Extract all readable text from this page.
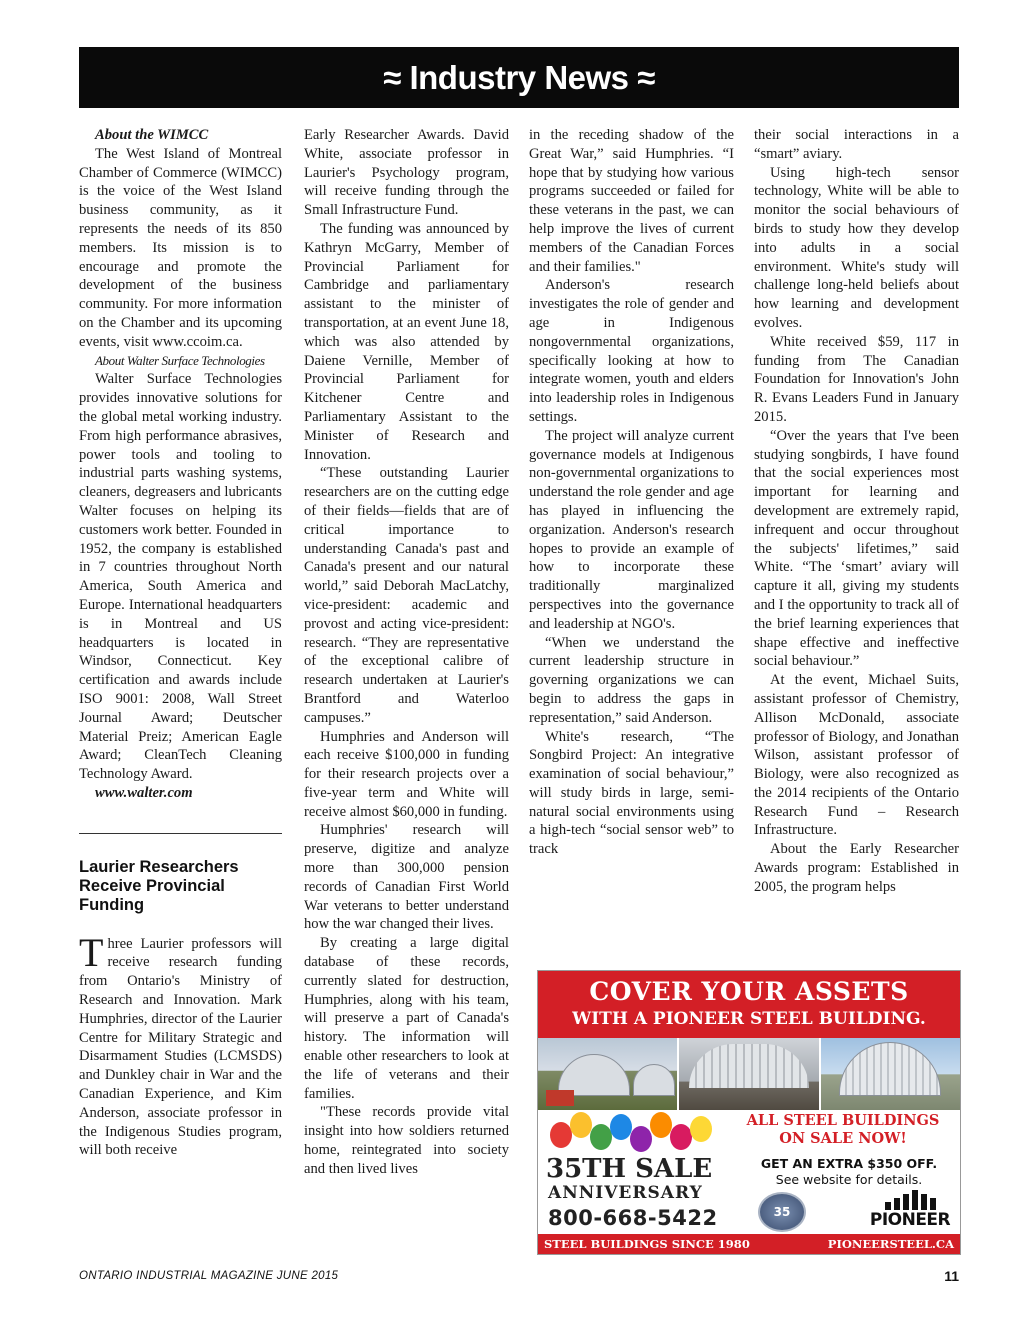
≈ Industry News ≈

About the WIMCC

The West Island of Montreal Chamber of Commerce (WIMCC) is the voice of the West Island business community, as it represents the needs of its 850 members. Its mission is to encourage and promote the development of the business community. For more information on the Chamber and its upcoming events, visit www.ccoim.ca.

About Walter Surface Technologies

Walter Surface Technologies provides innovative solutions for the global metal working industry. From high performance abrasives, power tools and tooling to industrial parts washing systems, cleaners, degreasers and lubricants Walter focuses on helping its customers work better. Founded in 1952, the company is established in 7 countries throughout North America, South America and Europe. International headquarters is in Montreal and US headquarters is located in Windsor, Connecticut. Key certification and awards include ISO 9001: 2008, Wall Street Journal Award; Deutscher Material Preiz; American Eagle Award; CleanTech Cleaning Technology Award.

www.walter.com

Laurier Researchers Receive Provincial Funding

Three Laurier professors will receive research funding from Ontario's Ministry of Research and Innovation. Mark Humphries, director of the Laurier Centre for Military Strategic and Disarmament Studies (LCMSDS) and Dunkley chair in War and the Canadian Experience, and Kim Anderson, associate professor in the Indigenous Studies program, will both receive

Early Researcher Awards. David White, associate professor in Laurier's Psychology program, will receive funding through the Small Infrastructure Fund.

The funding was announced by Kathryn McGarry, Member of Provincial Parliament for Cambridge and parliamentary assistant to the minister of transportation, at an event June 18, which was also attended by Daiene Vernille, Member of Provincial Parliament for Kitchener Centre and Parliamentary Assistant to the Minister of Research and Innovation.

“These outstanding Laurier researchers are on the cutting edge of their fields—fields that are of critical importance to understanding Canada's past and Canada's present and our natural world,” said Deborah MacLatchy, vice-president: academic and provost and acting vice-president: research. “They are representative of the exceptional calibre of research undertaken at Laurier's Brantford and Waterloo campuses.”

Humphries and Anderson will each receive $100,000 in funding for their research projects over a five-year term and White will receive almost $60,000 in funding.

Humphries' research will preserve, digitize and analyze more than 300,000 pension records of Canadian First World War veterans to better understand how the war changed their lives.

By creating a large digital database of these records, currently slated for destruction, Humphries, along with his team, will preserve a part of Canada's history. The information will enable other researchers to look at the life of veterans and their families.

"These records provide vital insight into how soldiers returned home, reintegrated into society and then lived lives

in the receding shadow of the Great War,” said Humphries. “I hope that by studying how various programs succeeded or failed for these veterans in the past, we can help improve the lives of current members of the Canadian Forces and their families."

Anderson's research investigates the role of gender and age in Indigenous nongovernmental organizations, specifically looking at how to integrate women, youth and elders into leadership roles in Indigenous settings.

The project will analyze current governance models at Indigenous non-governmental organizations to understand the role gender and age has played in influencing the organization. Anderson's research hopes to provide an example of how to incorporate these traditionally marginalized perspectives into the governance and leadership at NGO's.

“When we understand the current leadership structure in governing organizations we can begin to address the gaps in representation,” said Anderson.

White's research, “The Songbird Project: An integrative examination of social behaviour,” will study birds in large, semi-natural social environments using a high-tech “social sensor web” to track

their social interactions in a “smart” aviary.

Using high-tech sensor technology, White will be able to monitor the social behaviours of birds to study how they develop into adults in a social environment. White's study will challenge long-held beliefs about how learning and development evolves.

White received $59, 117 in funding from The Canadian Foundation for Innovation's John R. Evans Leaders Fund in January 2015.

“Over the years that I've been studying songbirds, I have found that the social experiences most important for learning and development are extremely rapid, infrequent and occur throughout the subjects' lifetimes,” said White. “The ‘smart’ aviary will capture it all, giving my students and I the opportunity to track all of the brief learning experiences that shape effective and ineffective social behaviour.”

At the event, Michael Suits, assistant professor of Chemistry, Allison McDonald, associate professor of Biology, and Jonathan Wilson, assistant professor of Biology, were also recognized as the 2014 recipients of the Ontario Research Fund – Research Infrastructure.

About the Early Researcher Awards program: Established in 2005, the program helps

COVER YOUR ASSETS
WITH A PIONEER STEEL BUILDING.
35TH SALE
ANNIVERSARY
800-668-5422
ALL STEEL BUILDINGS
ON SALE NOW!
GET AN EXTRA $350 OFF.
See website for details.
35	PIONEER
STEEL BUILDINGS SINCE 1980	PIONEERSTEEL.CA
ONTARIO INDUSTRIAL MAGAZINE JUNE 2015	11
